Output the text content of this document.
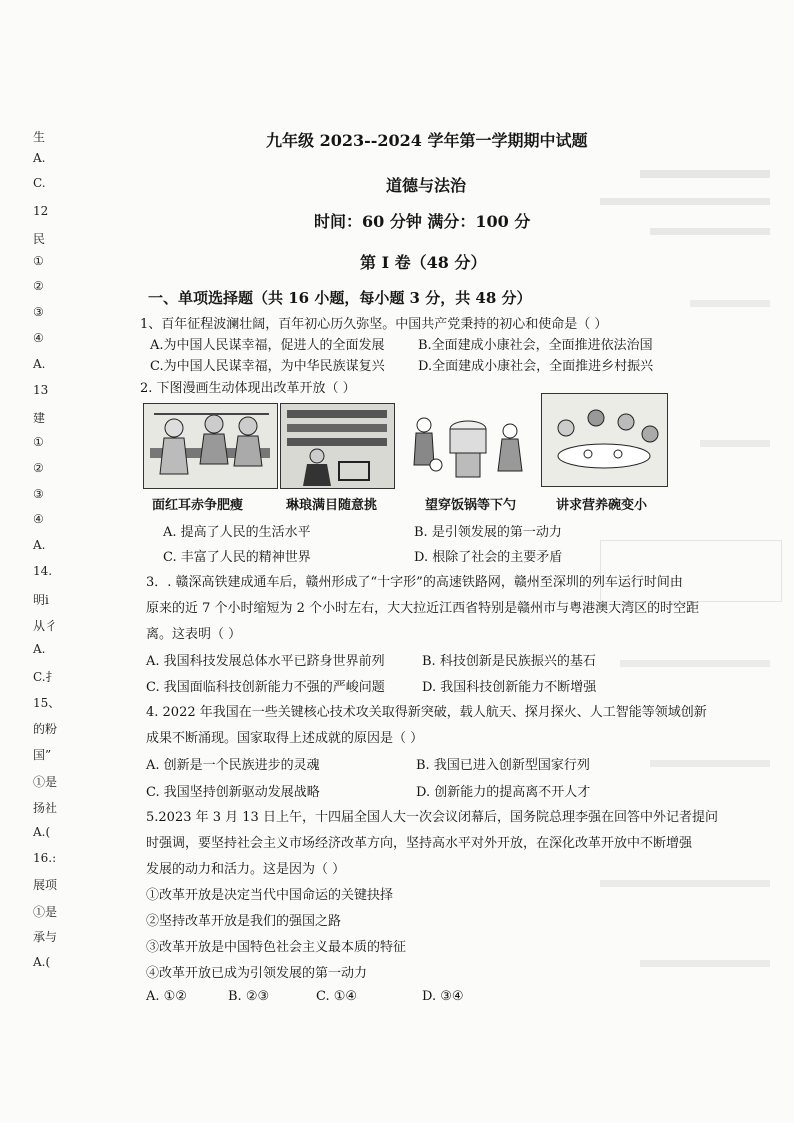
生
A.
C.
12
民
①
②
③
④
A.
13
建
①
②
③
④
A.
14.
明i
从彳
A.
C.扌
15、
的粉
国”
①是
扬社
A.(
16.:
展项
①是
承与
A.(
九年级 2023--2024 学年第一学期期中试题
道德与法治
时间：60 分钟 满分：100 分
第 I 卷（48 分）
一、单项选择题（共 16 小题，每小题 3 分，共 48 分）
1、百年征程波澜壮阔，百年初心历久弥坚。中国共产党秉持的初心和使命是（ ）
A.为中国人民谋幸福，促进人的全面发展	B.全面建成小康社会，全面推进依法治国
C.为中国人民谋幸福，为中华民族谋复兴	D.全面建成小康社会，全面推进乡村振兴
2. 下图漫画生动体现出改革开放（ ）
面红耳赤争肥瘦	琳琅满目随意挑	望穿饭锅等下勺	讲求营养碗变小
A. 提高了人民的生活水平	B. 是引领发展的第一动力
C. 丰富了人民的精神世界	D. 根除了社会的主要矛盾
3．. 赣深高铁建成通车后，赣州形成了“十字形”的高速铁路网，赣州至深圳的列车运行时间由
原来的近 7 个小时缩短为 2 个小时左右，大大拉近江西省特别是赣州市与粤港澳大湾区的时空距
离。这表明（ ）
A. 我国科技发展总体水平已跻身世界前列	B. 科技创新是民族振兴的基石
C. 我国面临科技创新能力不强的严峻问题	D. 我国科技创新能力不断增强
4. 2022 年我国在一些关键核心技术攻关取得新突破，载人航天、探月探火、人工智能等领域创新
成果不断涌现。国家取得上述成就的原因是（ ）
A. 创新是一个民族进步的灵魂	B. 我国已进入创新型国家行列
C. 我国坚持创新驱动发展战略	D. 创新能力的提高离不开人才
5.2023 年 3 月 13 日上午，十四届全国人大一次会议闭幕后，国务院总理李强在回答中外记者提问
时强调，要坚持社会主义市场经济改革方向，坚持高水平对外开放，在深化改革开放中不断增强
发展的动力和活力。这是因为（ ）
①改革开放是决定当代中国命运的关键抉择
②坚持改革开放是我们的强国之路
③改革开放是中国特色社会主义最本质的特征
④改革开放已成为引领发展的第一动力
A. ①②	B. ②③	C. ①④	D. ③④
